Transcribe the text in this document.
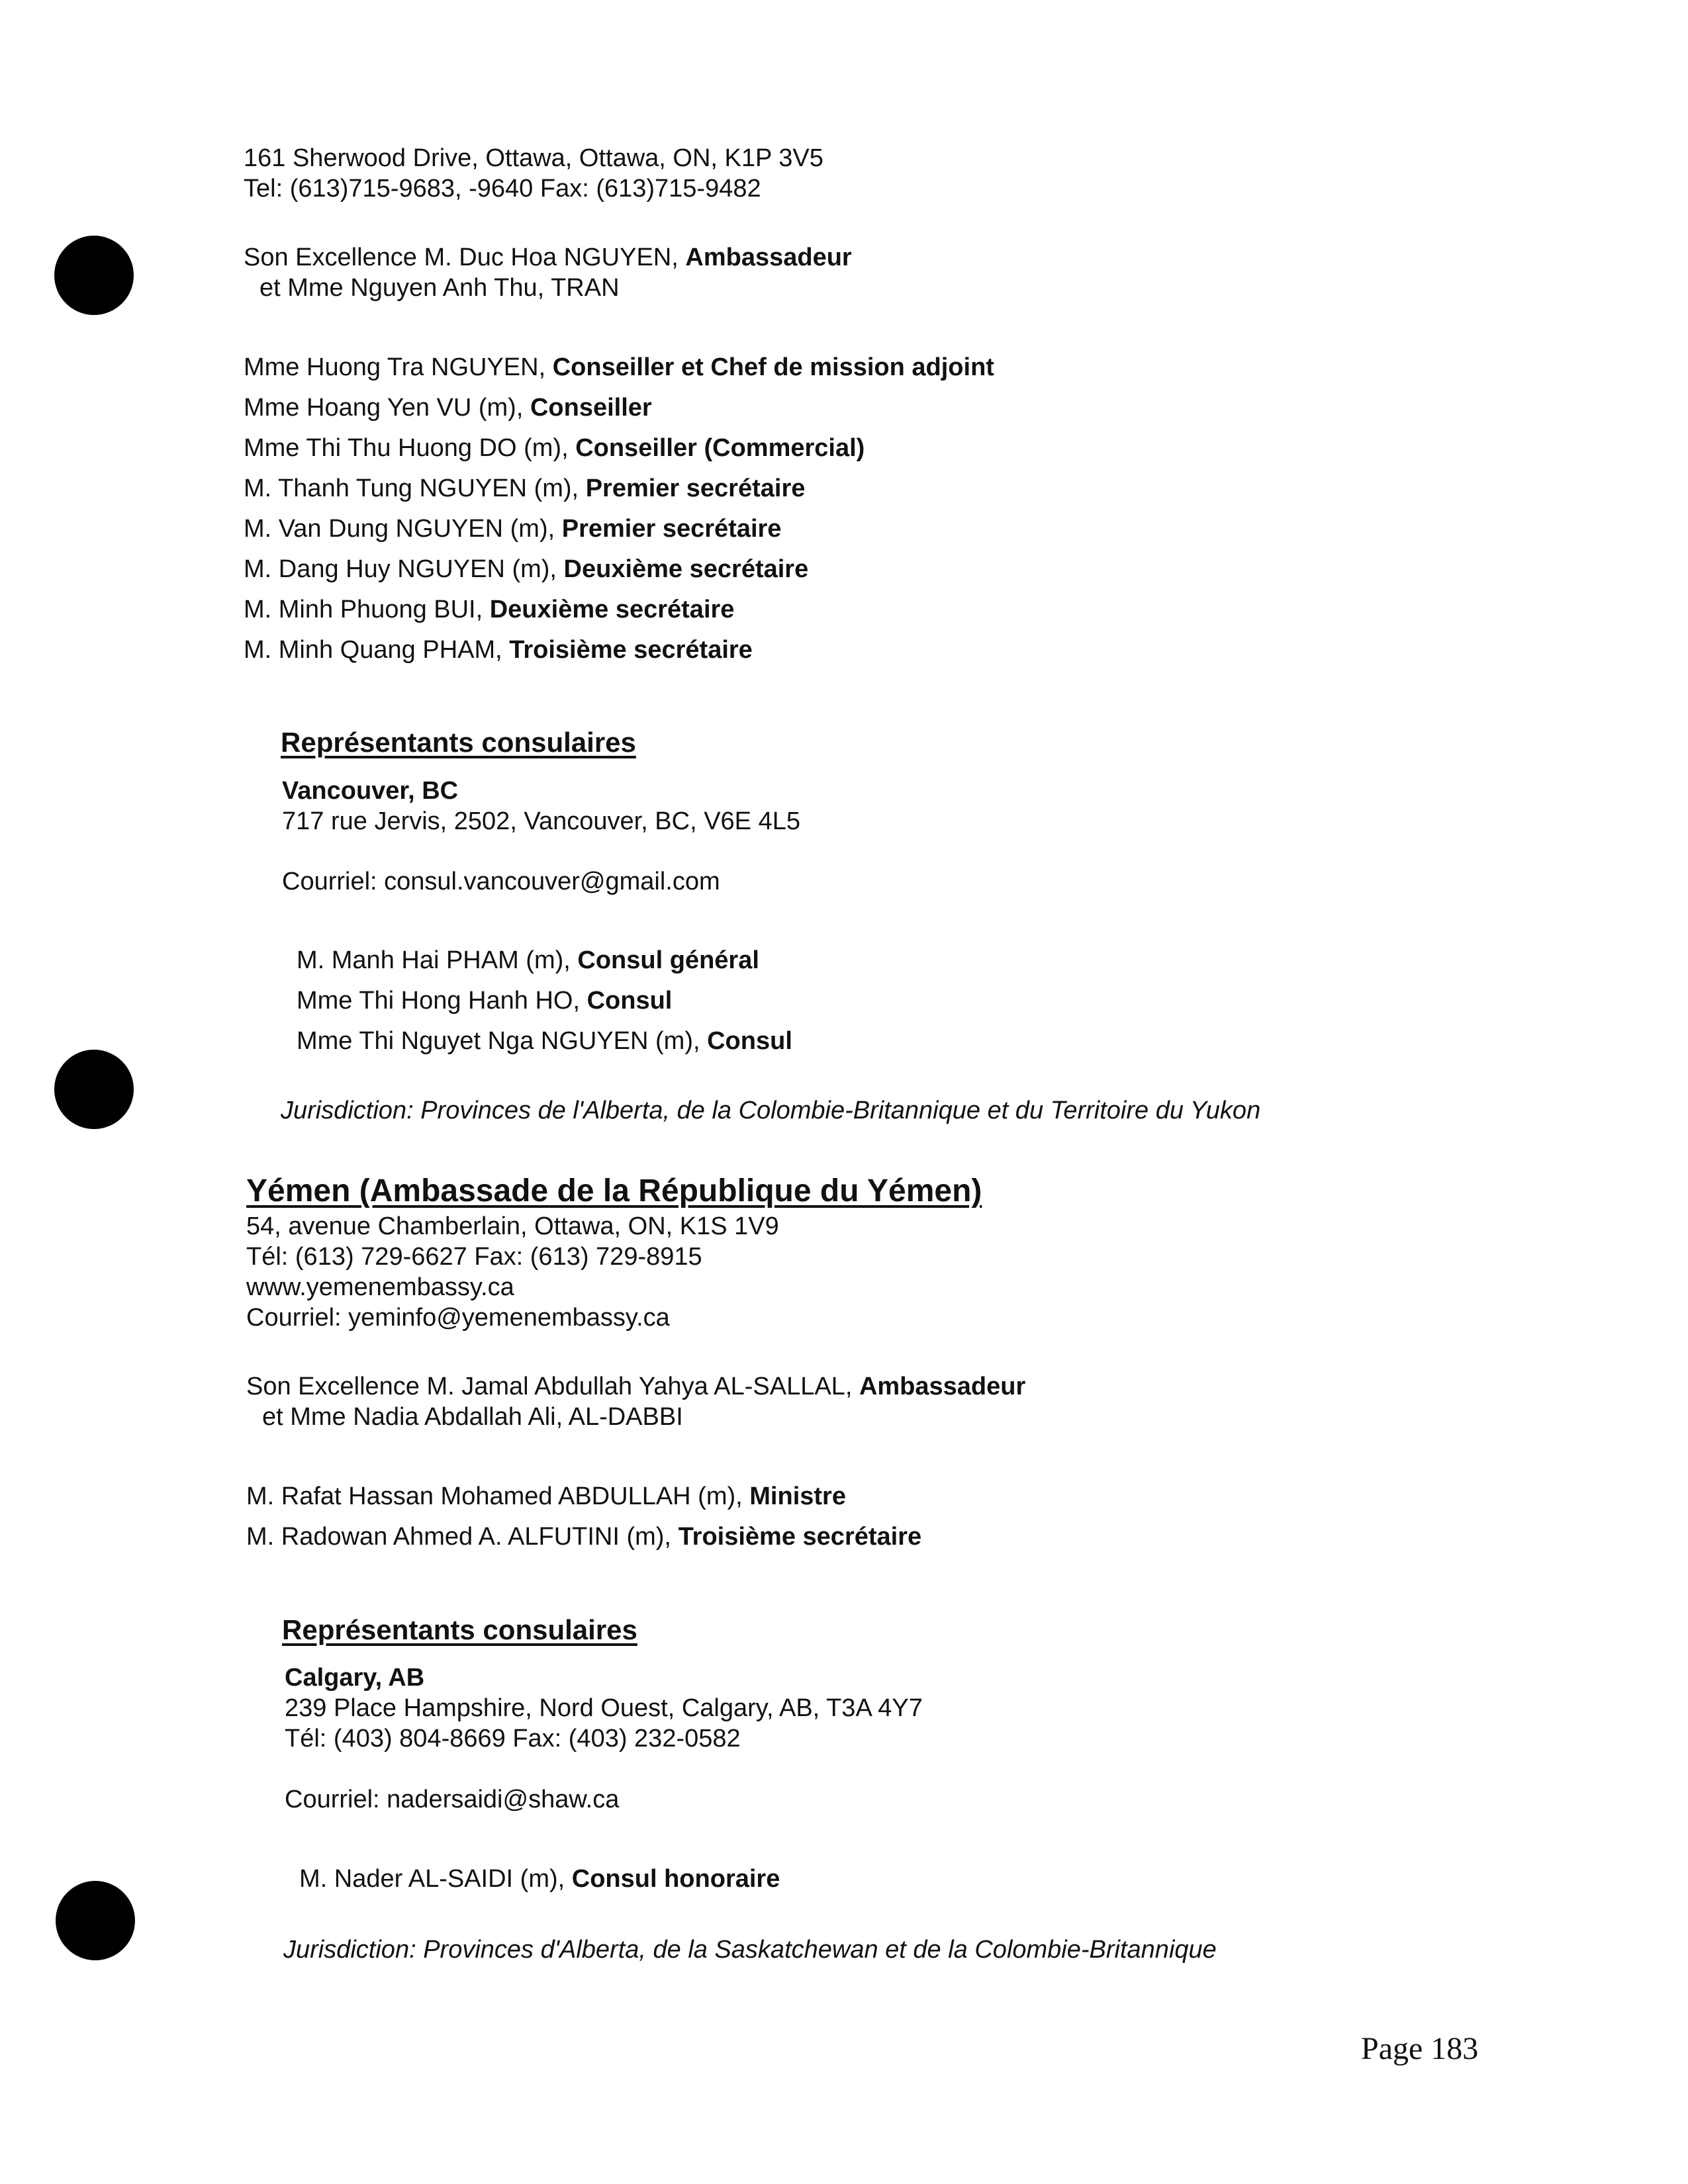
161 Sherwood Drive, Ottawa, Ottawa, ON, K1P 3V5
Tel: (613)715-9683, -9640 Fax: (613)715-9482
Son Excellence M. Duc Hoa NGUYEN, Ambassadeur
et Mme Nguyen Anh Thu, TRAN
Mme Huong Tra NGUYEN, Conseiller et Chef de mission adjoint
Mme Hoang Yen VU (m), Conseiller
Mme Thi Thu Huong DO (m), Conseiller (Commercial)
M. Thanh Tung NGUYEN (m), Premier secrétaire
M. Van Dung NGUYEN (m), Premier secrétaire
M. Dang Huy NGUYEN (m), Deuxième secrétaire
M. Minh Phuong BUI, Deuxième secrétaire
M. Minh Quang PHAM, Troisième secrétaire
Représentants consulaires
Vancouver, BC
717 rue Jervis, 2502, Vancouver, BC, V6E 4L5
Courriel: consul.vancouver@gmail.com
M. Manh Hai PHAM (m), Consul général
Mme Thi Hong Hanh HO, Consul
Mme Thi Nguyet Nga NGUYEN (m), Consul
Jurisdiction: Provinces de l'Alberta, de la Colombie-Britannique et du Territoire du Yukon
Yémen (Ambassade de la République du Yémen)
54, avenue Chamberlain, Ottawa, ON, K1S 1V9
Tél: (613) 729-6627 Fax: (613) 729-8915
www.yemenembassy.ca
Courriel: yeminfo@yemenembassy.ca
Son Excellence M. Jamal Abdullah Yahya AL-SALLAL, Ambassadeur
et Mme Nadia Abdallah Ali, AL-DABBI
M. Rafat Hassan Mohamed ABDULLAH (m), Ministre
M. Radowan Ahmed A. ALFUTINI (m), Troisième secrétaire
Représentants consulaires
Calgary, AB
239 Place Hampshire, Nord Ouest, Calgary, AB, T3A 4Y7
Tél: (403) 804-8669 Fax: (403) 232-0582
Courriel: nadersaidi@shaw.ca
M. Nader AL-SAIDI (m), Consul honoraire
Jurisdiction: Provinces d'Alberta, de la Saskatchewan et de la Colombie-Britannique
Page 183
